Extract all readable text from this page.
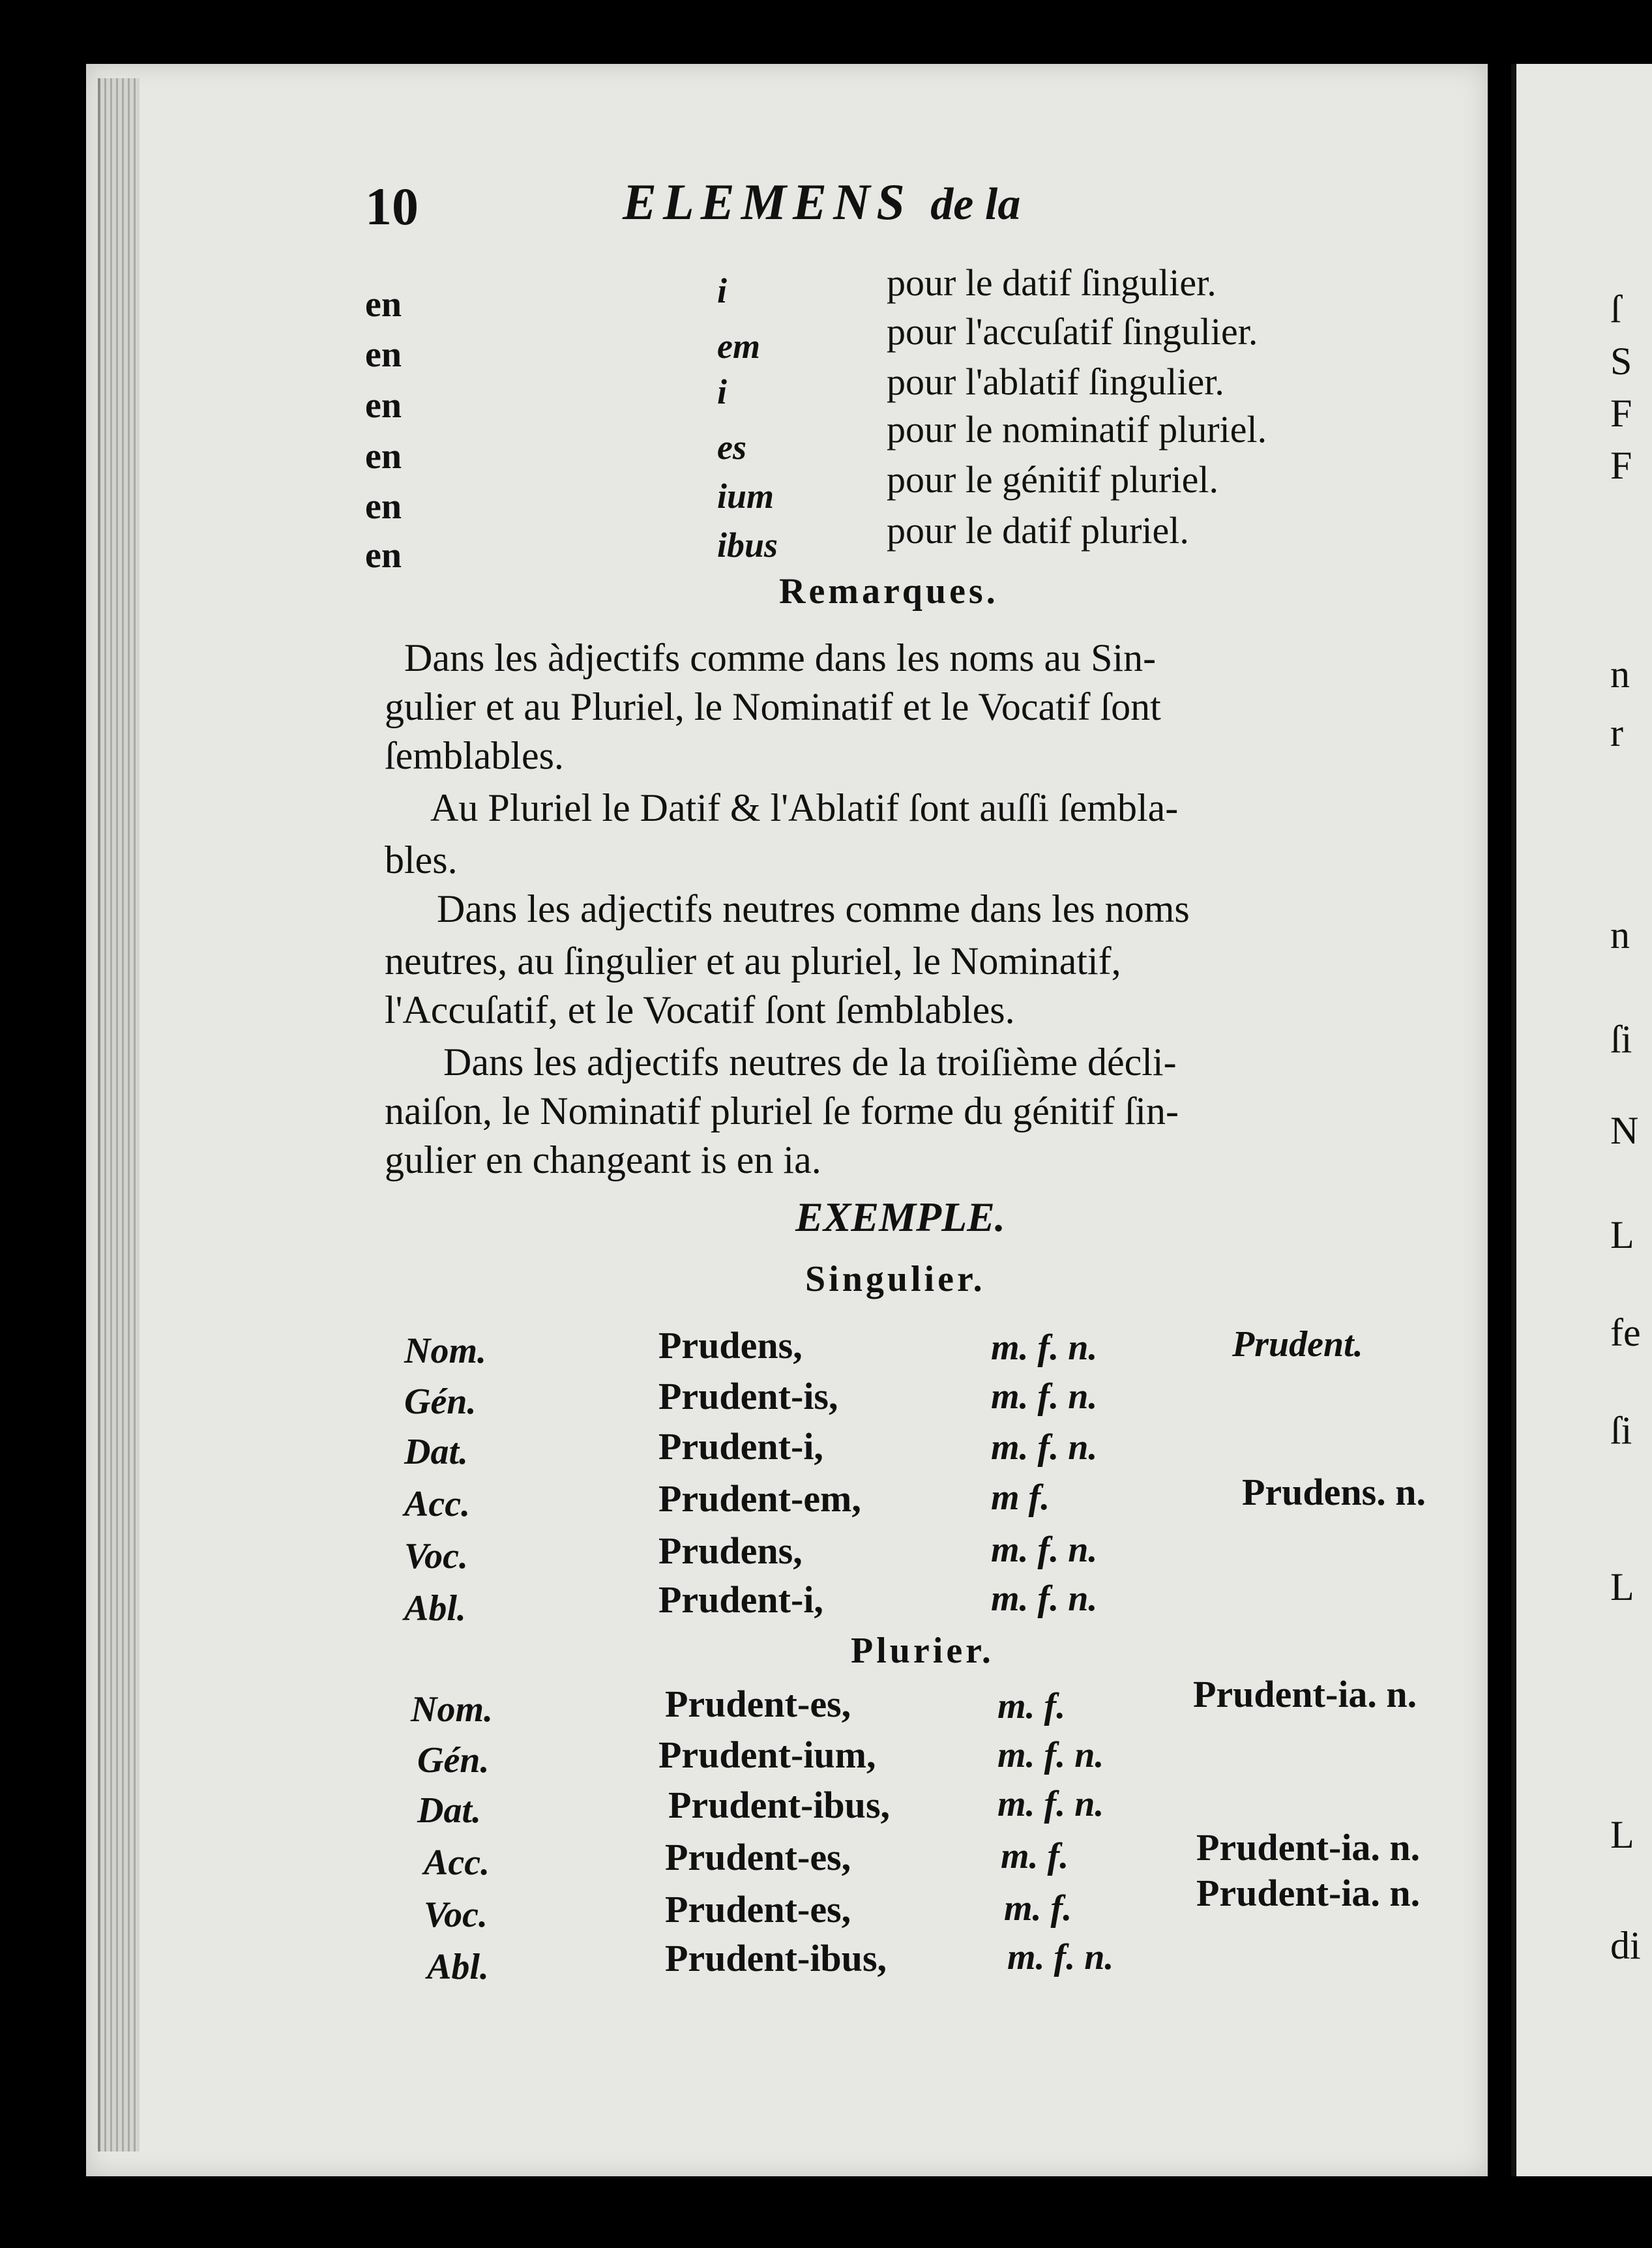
ſ
S
F
F
n
r
n
ſi
N
L
fe
ſi
L
L
di
10	ELEMENS de la
en	i	pour le datif ſingulier.
en	em	pour l'accuſatif ſingulier.
en	i	pour l'ablatif ſingulier.
en	es	pour le nominatif pluriel.
en	ium	pour le génitif pluriel.
en	ibus	pour le datif pluriel.
Remarques.
Dans les àdjectifs comme dans les noms au Sin-
gulier et au Pluriel, le Nominatif et le Vocatif ſont
ſemblables.
Au Pluriel le Datif & l'Ablatif ſont auſſi ſembla-
bles.
Dans les adjectifs neutres comme dans les noms
neutres, au ſingulier et au pluriel, le Nominatif,
l'Accuſatif, et le Vocatif ſont ſemblables.
Dans les adjectifs neutres de la troiſième décli-
naiſon, le Nominatif pluriel ſe forme du génitif ſin-
gulier en changeant is en ia.
EXEMPLE.
Singulier.
Nom.	Prudens,	m. f. n.	Prudent.
Gén.	Prudent-is,	m. f. n.
Dat.	Prudent-i,	m. f. n.
Acc.	Prudent-em,	m f.	Prudens. n.
Voc.	Prudens,	m. f. n.
Abl.	Prudent-i,	m. f. n.
Plurier.
Nom.	Prudent-es,	m. f.	Prudent-ia. n.
Gén.	Prudent-ium,	m. f. n.
Dat.	Prudent-ibus,	m. f. n.
Acc.	Prudent-es,	m. f.	Prudent-ia. n.
Voc.	Prudent-es,	m. f.	Prudent-ia. n.
Abl.	Prudent-ibus,	m. f. n.
